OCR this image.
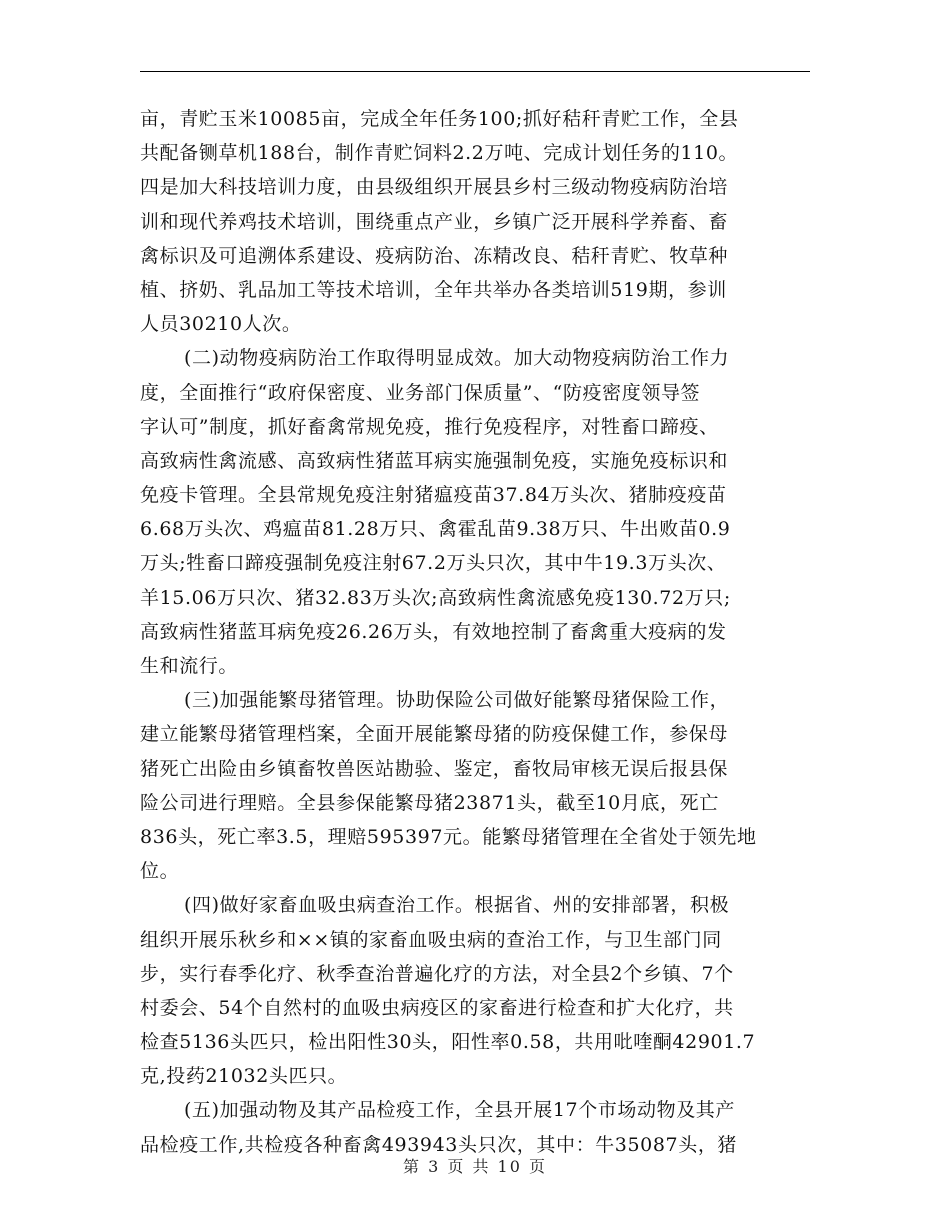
亩，青贮玉米10085亩，完成全年任务100;抓好秸秆青贮工作，全县
共配备铡草机188台，制作青贮饲料2.2万吨、完成计划任务的110。
四是加大科技培训力度，由县级组织开展县乡村三级动物疫病防治培
训和现代养鸡技术培训，围绕重点产业，乡镇广泛开展科学养畜、畜
禽标识及可追溯体系建设、疫病防治、冻精改良、秸秆青贮、牧草种
植、挤奶、乳品加工等技术培训，全年共举办各类培训519期，参训
人员30210人次。
(二)动物疫病防治工作取得明显成效。加大动物疫病防治工作力
度，全面推行“政府保密度、业务部门保质量”、“防疫密度领导签
字认可”制度，抓好畜禽常规免疫，推行免疫程序，对牲畜口蹄疫、
高致病性禽流感、高致病性猪蓝耳病实施强制免疫，实施免疫标识和
免疫卡管理。全县常规免疫注射猪瘟疫苗37.84万头次、猪肺疫疫苗
6.68万头次、鸡瘟苗81.28万只、禽霍乱苗9.38万只、牛出败苗0.9
万头;牲畜口蹄疫强制免疫注射67.2万头只次，其中牛19.3万头次、
羊15.06万只次、猪32.83万头次;高致病性禽流感免疫130.72万只;
高致病性猪蓝耳病免疫26.26万头，有效地控制了畜禽重大疫病的发
生和流行。
(三)加强能繁母猪管理。协助保险公司做好能繁母猪保险工作，
建立能繁母猪管理档案，全面开展能繁母猪的防疫保健工作，参保母
猪死亡出险由乡镇畜牧兽医站勘验、鉴定，畜牧局审核无误后报县保
险公司进行理赔。全县参保能繁母猪23871头，截至10月底，死亡
836头，死亡率3.5，理赔595397元。能繁母猪管理在全省处于领先地
位。
(四)做好家畜血吸虫病查治工作。根据省、州的安排部署，积极
组织开展乐秋乡和××镇的家畜血吸虫病的查治工作，与卫生部门同
步，实行春季化疗、秋季查治普遍化疗的方法，对全县2个乡镇、7个
村委会、54个自然村的血吸虫病疫区的家畜进行检查和扩大化疗，共
检查5136头匹只，检出阳性30头，阳性率0.58，共用吡喹酮42901.7
克,投药21032头匹只。
(五)加强动物及其产品检疫工作，全县开展17个市场动物及其产
品检疫工作,共检疫各种畜禽493943头只次，其中：牛35087头，猪
第 3 页 共 10 页
